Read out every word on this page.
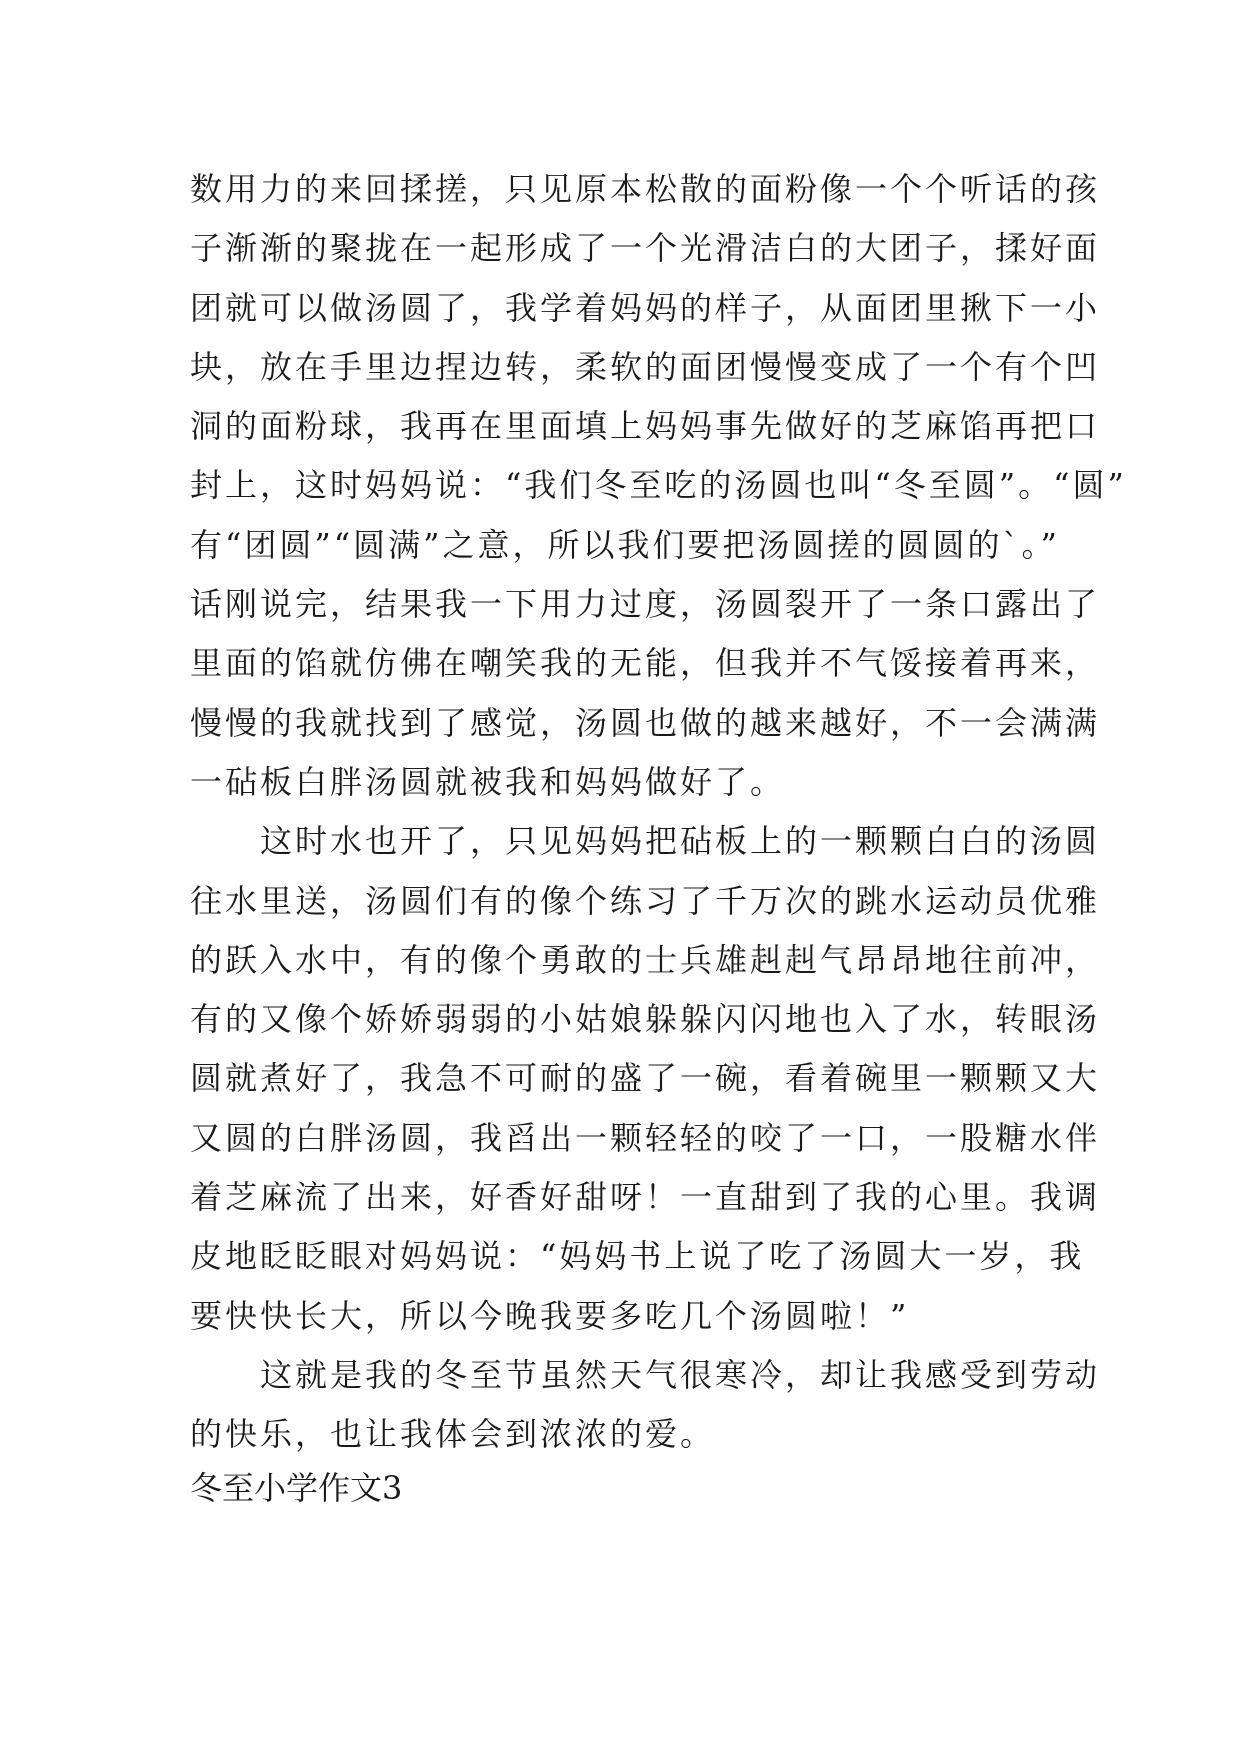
数用力的来回揉搓，只见原本松散的面粉像一个个听话的孩
子渐渐的聚拢在一起形成了一个光滑洁白的大团子，揉好面
团就可以做汤圆了，我学着妈妈的样子，从面团里揪下一小
块，放在手里边捏边转，柔软的面团慢慢变成了一个有个凹
洞的面粉球，我再在里面填上妈妈事先做好的芝麻馅再把口
封上，这时妈妈说：“我们冬至吃的汤圆也叫“冬至圆”。“圆”
有“团圆”“圆满”之意，所以我们要把汤圆搓的圆圆的`。”
话刚说完，结果我一下用力过度，汤圆裂开了一条口露出了
里面的馅就仿佛在嘲笑我的无能，但我并不气馁接着再来，
慢慢的我就找到了感觉，汤圆也做的越来越好，不一会满满
一砧板白胖汤圆就被我和妈妈做好了。
这时水也开了，只见妈妈把砧板上的一颗颗白白的汤圆
往水里送，汤圆们有的像个练习了千万次的跳水运动员优雅
的跃入水中，有的像个勇敢的士兵雄赳赳气昂昂地往前冲，
有的又像个娇娇弱弱的小姑娘躲躲闪闪地也入了水，转眼汤
圆就煮好了，我急不可耐的盛了一碗，看着碗里一颗颗又大
又圆的白胖汤圆，我舀出一颗轻轻的咬了一口，一股糖水伴
着芝麻流了出来，好香好甜呀！一直甜到了我的心里。我调
皮地眨眨眼对妈妈说：“妈妈书上说了吃了汤圆大一岁，我
要快快长大，所以今晚我要多吃几个汤圆啦！”
这就是我的冬至节虽然天气很寒冷，却让我感受到劳动
的快乐，也让我体会到浓浓的爱。
冬至小学作文3
